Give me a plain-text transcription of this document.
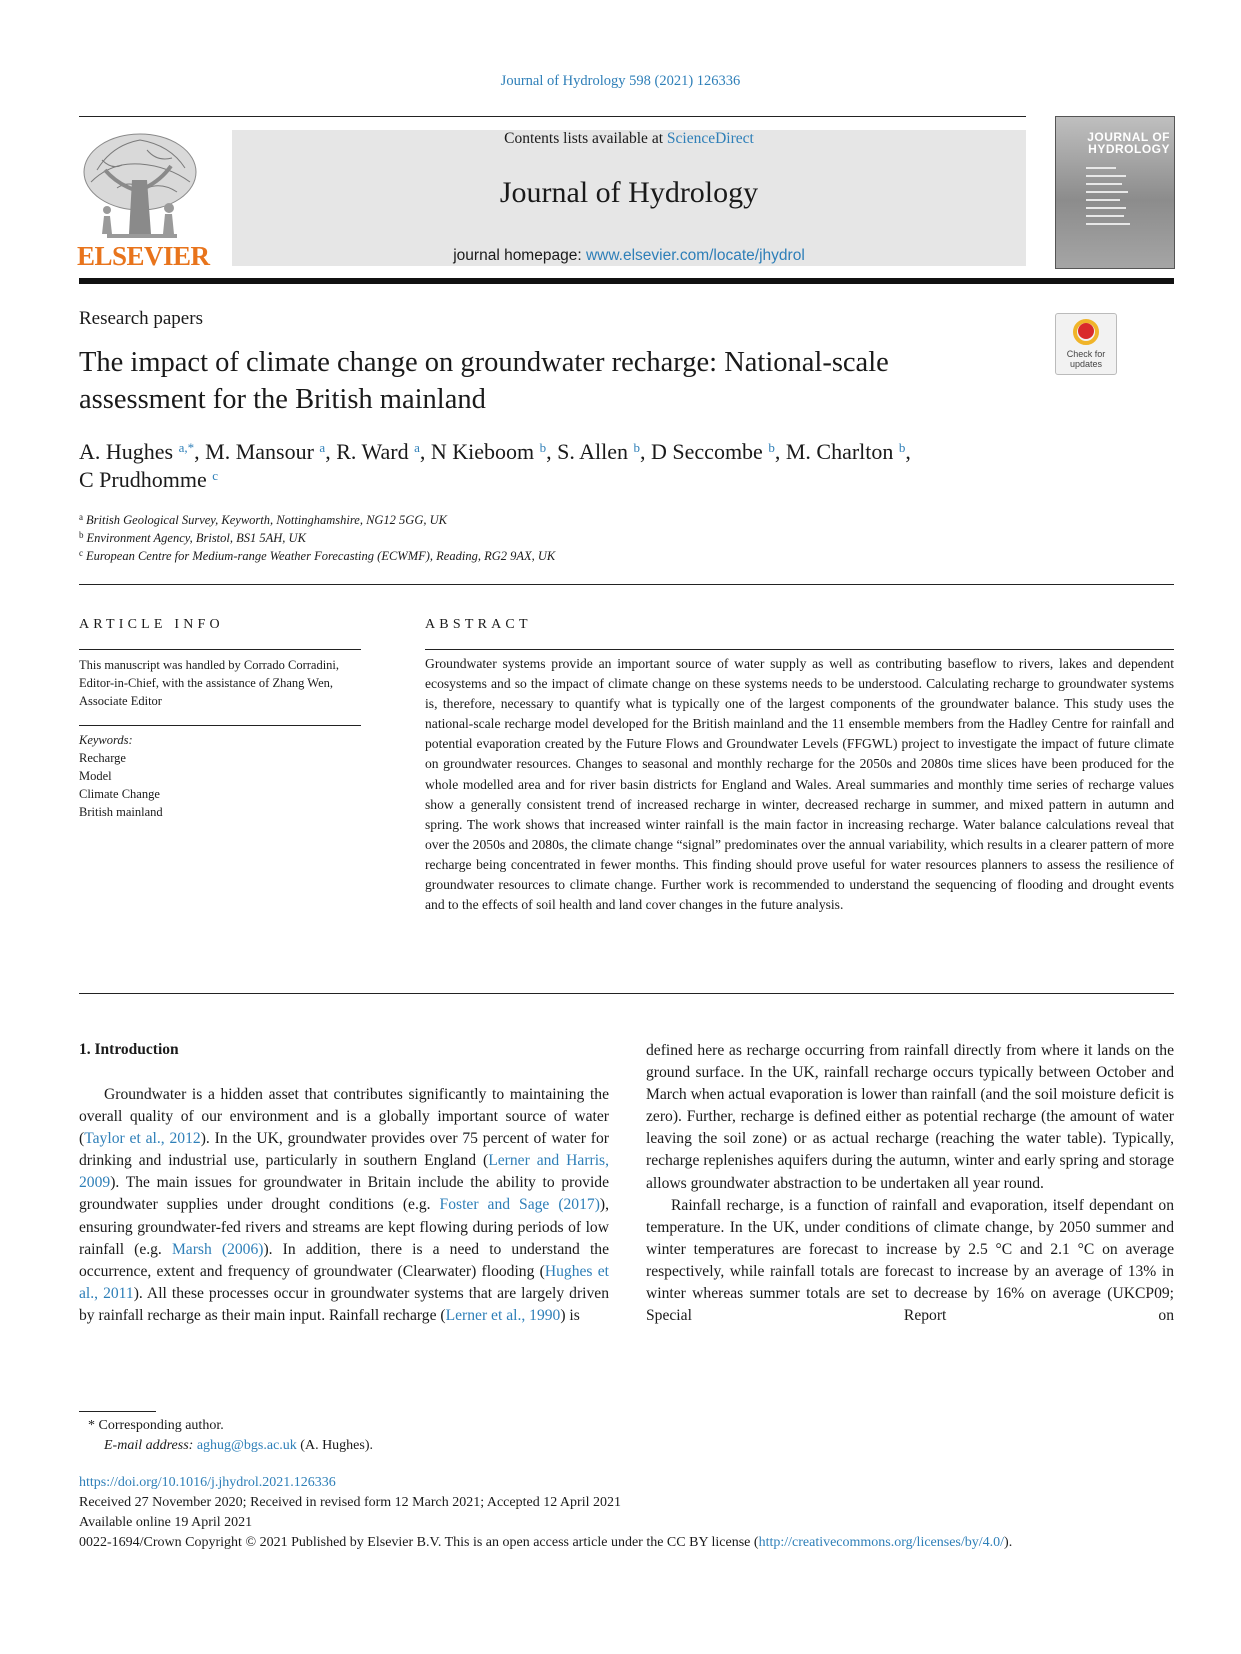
Journal of Hydrology 598 (2021) 126336
ELSEVIER
Contents lists available at ScienceDirect
Journal of Hydrology
journal homepage: www.elsevier.com/locate/jhydrol
JOURNAL OF HYDROLOGY
Research papers
The impact of climate change on groundwater recharge: National-scale assessment for the British mainland
Check for updates
A. Hughes $^{a,*}$, M. Mansour $^a$, R. Ward $^a$, N Kieboom $^b$, S. Allen $^b$, D Seccombe $^b$, M. Charlton $^b$,
C Prudhomme $^c$
$^a$ British Geological Survey, Keyworth, Nottinghamshire, NG12 5GG, UK
$^b$ Environment Agency, Bristol, BS1 5AH, UK
$^c$ European Centre for Medium-range Weather Forecasting (ECWMF), Reading, RG2 9AX, UK
ARTICLE INFO
This manuscript was handled by Corrado Corradini, Editor-in-Chief, with the assistance of Zhang Wen, Associate Editor
Keywords:
Recharge
Model
Climate Change
British mainland
ABSTRACT
Groundwater systems provide an important source of water supply as well as contributing baseflow to rivers, lakes and dependent ecosystems and so the impact of climate change on these systems needs to be understood. Calculating recharge to groundwater systems is, therefore, necessary to quantify what is typically one of the largest components of the groundwater balance. This study uses the national-scale recharge model developed for the British mainland and the 11 ensemble members from the Hadley Centre for rainfall and potential evaporation created by the Future Flows and Groundwater Levels (FFGWL) project to investigate the impact of future climate on groundwater resources. Changes to seasonal and monthly recharge for the 2050s and 2080s time slices have been produced for the whole modelled area and for river basin districts for England and Wales. Areal summaries and monthly time series of recharge values show a generally consistent trend of increased recharge in winter, decreased recharge in summer, and mixed pattern in autumn and spring. The work shows that increased winter rainfall is the main factor in increasing recharge. Water balance calculations reveal that over the 2050s and 2080s, the climate change “signal” predominates over the annual variability, which results in a clearer pattern of more recharge being concentrated in fewer months. This finding should prove useful for water resources planners to assess the resilience of groundwater resources to climate change. Further work is recommended to understand the sequencing of flooding and drought events and to the effects of soil health and land cover changes in the future analysis.
1. Introduction

Groundwater is a hidden asset that contributes significantly to maintaining the overall quality of our environment and is a globally important source of water (Taylor et al., 2012). In the UK, groundwater provides over 75 percent of water for drinking and industrial use, particularly in southern England (Lerner and Harris, 2009). The main issues for groundwater in Britain include the ability to provide groundwater supplies under drought conditions (e.g. Foster and Sage (2017)), ensuring groundwater-fed rivers and streams are kept flowing during periods of low rainfall (e.g. Marsh (2006)). In addition, there is a need to understand the occurrence, extent and frequency of groundwater (Clearwater) flooding (Hughes et al., 2011). All these processes occur in groundwater systems that are largely driven by rainfall recharge as their main input. Rainfall recharge (Lerner et al., 1990) is

defined here as recharge occurring from rainfall directly from where it lands on the ground surface. In the UK, rainfall recharge occurs typically between October and March when actual evaporation is lower than rainfall (and the soil moisture deficit is zero). Further, recharge is defined either as potential recharge (the amount of water leaving the soil zone) or as actual recharge (reaching the water table). Typically, recharge replenishes aquifers during the autumn, winter and early spring and storage allows groundwater abstraction to be undertaken all year round.

Rainfall recharge, is a function of rainfall and evaporation, itself dependant on temperature. In the UK, under conditions of climate change, by 2050 summer and winter temperatures are forecast to increase by 2.5 °C and 2.1 °C on average respectively, while rainfall totals are forecast to increase by an average of 13% in winter whereas summer totals are set to decrease by 16% on average (UKCP09; Special Report on

* Corresponding author.
E-mail address: aghug@bgs.ac.uk (A. Hughes).
https://doi.org/10.1016/j.jhydrol.2021.126336
Received 27 November 2020; Received in revised form 12 March 2021; Accepted 12 April 2021
Available online 19 April 2021
0022-1694/Crown Copyright © 2021 Published by Elsevier B.V. This is an open access article under the CC BY license (http://creativecommons.org/licenses/by/4.0/).
